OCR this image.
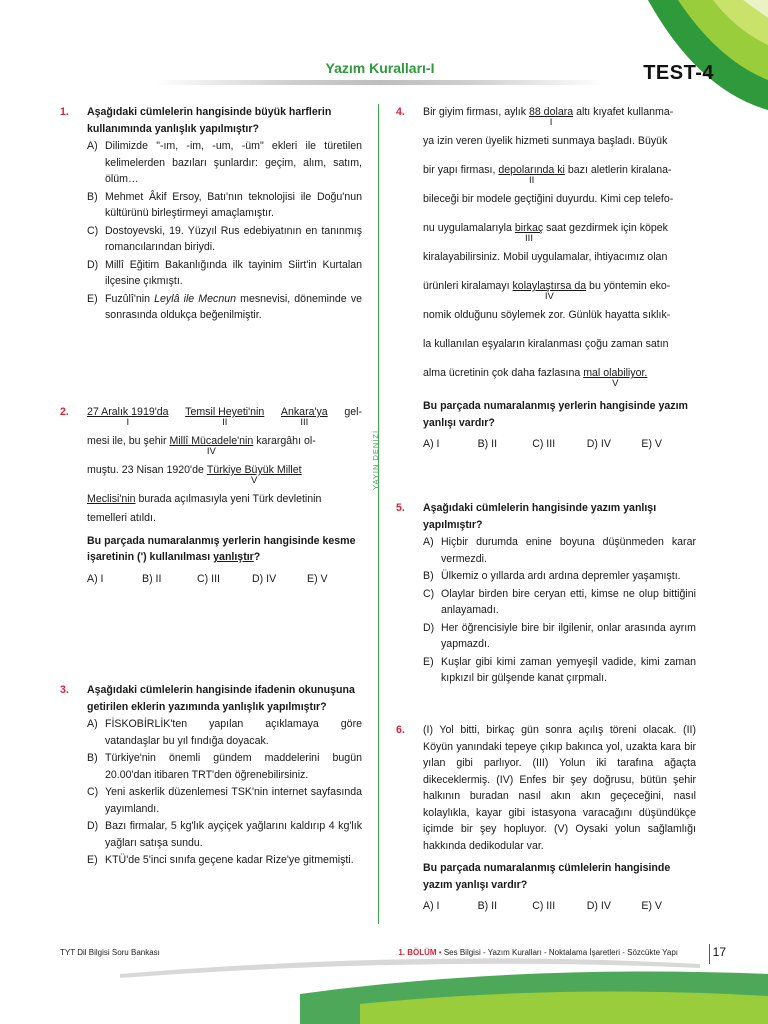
Yazım Kuralları-I	TEST-4
YAYIN DENİZİ
1. Aşağıdaki cümlelerin hangisinde büyük harflerin kullanımında yanlışlık yapılmıştır?
A) Dilimizde "-ım, -im, -um, -üm" ekleri ile türetilen kelimelerden bazıları şunlardır: geçim, alım, satım, ölüm…
B) Mehmet Âkif Ersoy, Batı'nın teknolojisi ile Doğu'nun kültürünü birleştirmeyi amaçlamıştır.
C) Dostoyevski, 19. Yüzyıl Rus edebiyatının en tanınmış romancılarından biriydi.
D) Millî Eğitim Bakanlığında ilk tayinim Siirt'in Kurtalan ilçesine çıkmıştı.
E) Fuzûlî'nin Leylâ ile Mecnun mesnevisi, döneminde ve sonrasında oldukça beğenilmiştir.
2. 27 Aralık 1919'da
I
Temsil Heyeti'nin
II
Ankara'ya
III
gel-
mesi ile, bu şehir Millî Mücadele'nin
IV
karargâhı ol-
muştu. 23 Nisan 1920'de Türkiye Büyük Millet
V
Meclisi'nin burada açılmasıyla yeni Türk devletinin
temelleri atıldı.
Bu parçada numaralanmış yerlerin hangisinde kesme işaretinin (') kullanılması yanlıştır?
A) I	B) II	C) III	D) IV	E) V
3. Aşağıdaki cümlelerin hangisinde ifadenin okunuşuna getirilen eklerin yazımında yanlışlık yapılmıştır?
A) FİSKOBİRLİK'ten yapılan açıklamaya göre vatandaşlar bu yıl fındığa doyacak.
B) Türkiye'nin önemli gündem maddelerini bugün 20.00'dan itibaren TRT'den öğrenebilirsiniz.
C) Yeni askerlik düzenlemesi TSK'nin internet sayfasında yayımlandı.
D) Bazı firmalar, 5 kg'lık ayçiçek yağlarını kaldırıp 4 kg'lık yağları satışa sundu.
E) KTÜ'de 5'inci sınıfa geçene kadar Rize'ye gitmemişti.
4. Bir giyim firması, aylık 88 dolara
I
altı kıyafet kullanma-
ya izin veren üyelik hizmeti sunmaya başladı. Büyük
bir yapı firması, depolarında ki
II
bazı aletlerin kiralana-
bileceği bir modele geçtiğini duyurdu. Kimi cep telefo-
nu uygulamalarıyla birkaç
III
saat gezdirmek için köpek
kiralayabilirsiniz. Mobil uygulamalar, ihtiyacımız olan
ürünleri kiralamayı kolaylaştırsa da
IV
bu yöntemin eko-
nomik olduğunu söylemek zor. Günlük hayatta sıklık-
la kullanılan eşyaların kiralanması çoğu zaman satın
alma ücretinin çok daha fazlasına mal olabiliyor.
V
Bu parçada numaralanmış yerlerin hangisinde yazım yanlışı vardır?
A) I	B) II	C) III	D) IV	E) V
5. Aşağıdaki cümlelerin hangisinde yazım yanlışı yapılmıştır?
A) Hiçbir durumda enine boyuna düşünmeden karar vermezdi.
B) Ülkemiz o yıllarda ardı ardına depremler yaşamıştı.
C) Olaylar birden bire ceryan etti, kimse ne olup bittiğini anlayamadı.
D) Her öğrencisiyle bire bir ilgilenir, onlar arasında ayrım yapmazdı.
E) Kuşlar gibi kimi zaman yemyeşil vadide, kimi zaman kıpkızıl bir gülşende kanat çırpmalı.
6. (I) Yol bitti, birkaç gün sonra açılış töreni olacak. (II) Köyün yanındaki tepeye çıkıp bakınca yol, uzakta kara bir yılan gibi parlıyor. (III) Yolun iki tarafına ağaçta dikeceklermiş. (IV) Enfes bir şey doğrusu, bütün şehir halkının buradan nasıl akın akın geçeceğini, nasıl kolaylıkla, kayar gibi istasyona varacağını düşündükçe içimde bir şey hopluyor. (V) Oysaki yolun sağlamlığı hakkında dedikodular var.
Bu parçada numaralanmış cümlelerin hangisinde yazım yanlışı vardır?
A) I	B) II	C) III	D) IV	E) V
TYT Dil Bilgisi Soru Bankası	1. BÖLÜM • Ses Bilgisi - Yazım Kuralları - Noktalama İşaretleri - Sözcükte Yapı	17
